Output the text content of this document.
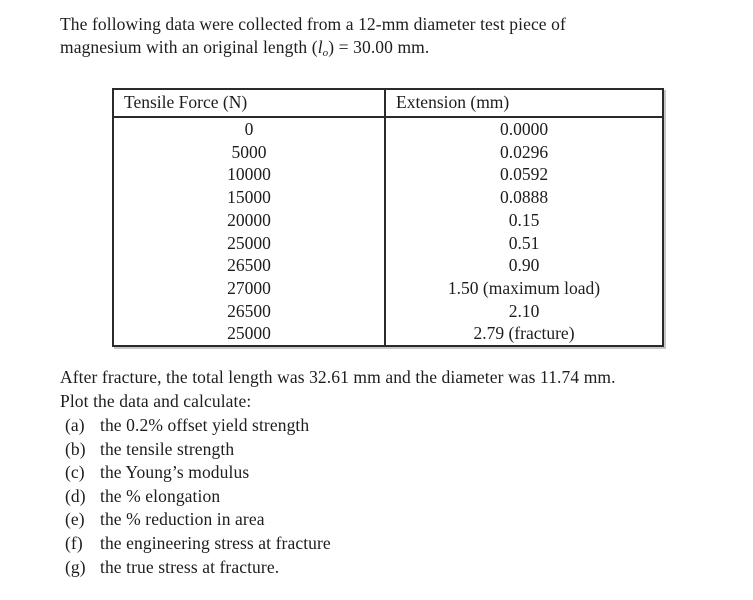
The following data were collected from a 12-mm diameter test piece of
magnesium with an original length $(l_o) = 30.00$ mm.
Tensile Force (N)	Extension (mm)
0	0.0000
5000	0.0296
10000	0.0592
15000	0.0888
20000	0.15
25000	0.51
26500	0.90
27000	1.50 (maximum load)
26500	2.10
25000	2.79 (fracture)
After fracture, the total length was 32.61 mm and the diameter was 11.74 mm.
Plot the data and calculate:
(a) the 0.2% offset yield strength
(b) the tensile strength
(c) the Young’s modulus
(d) the % elongation
(e) the % reduction in area
(f) the engineering stress at fracture
(g) the true stress at fracture.
